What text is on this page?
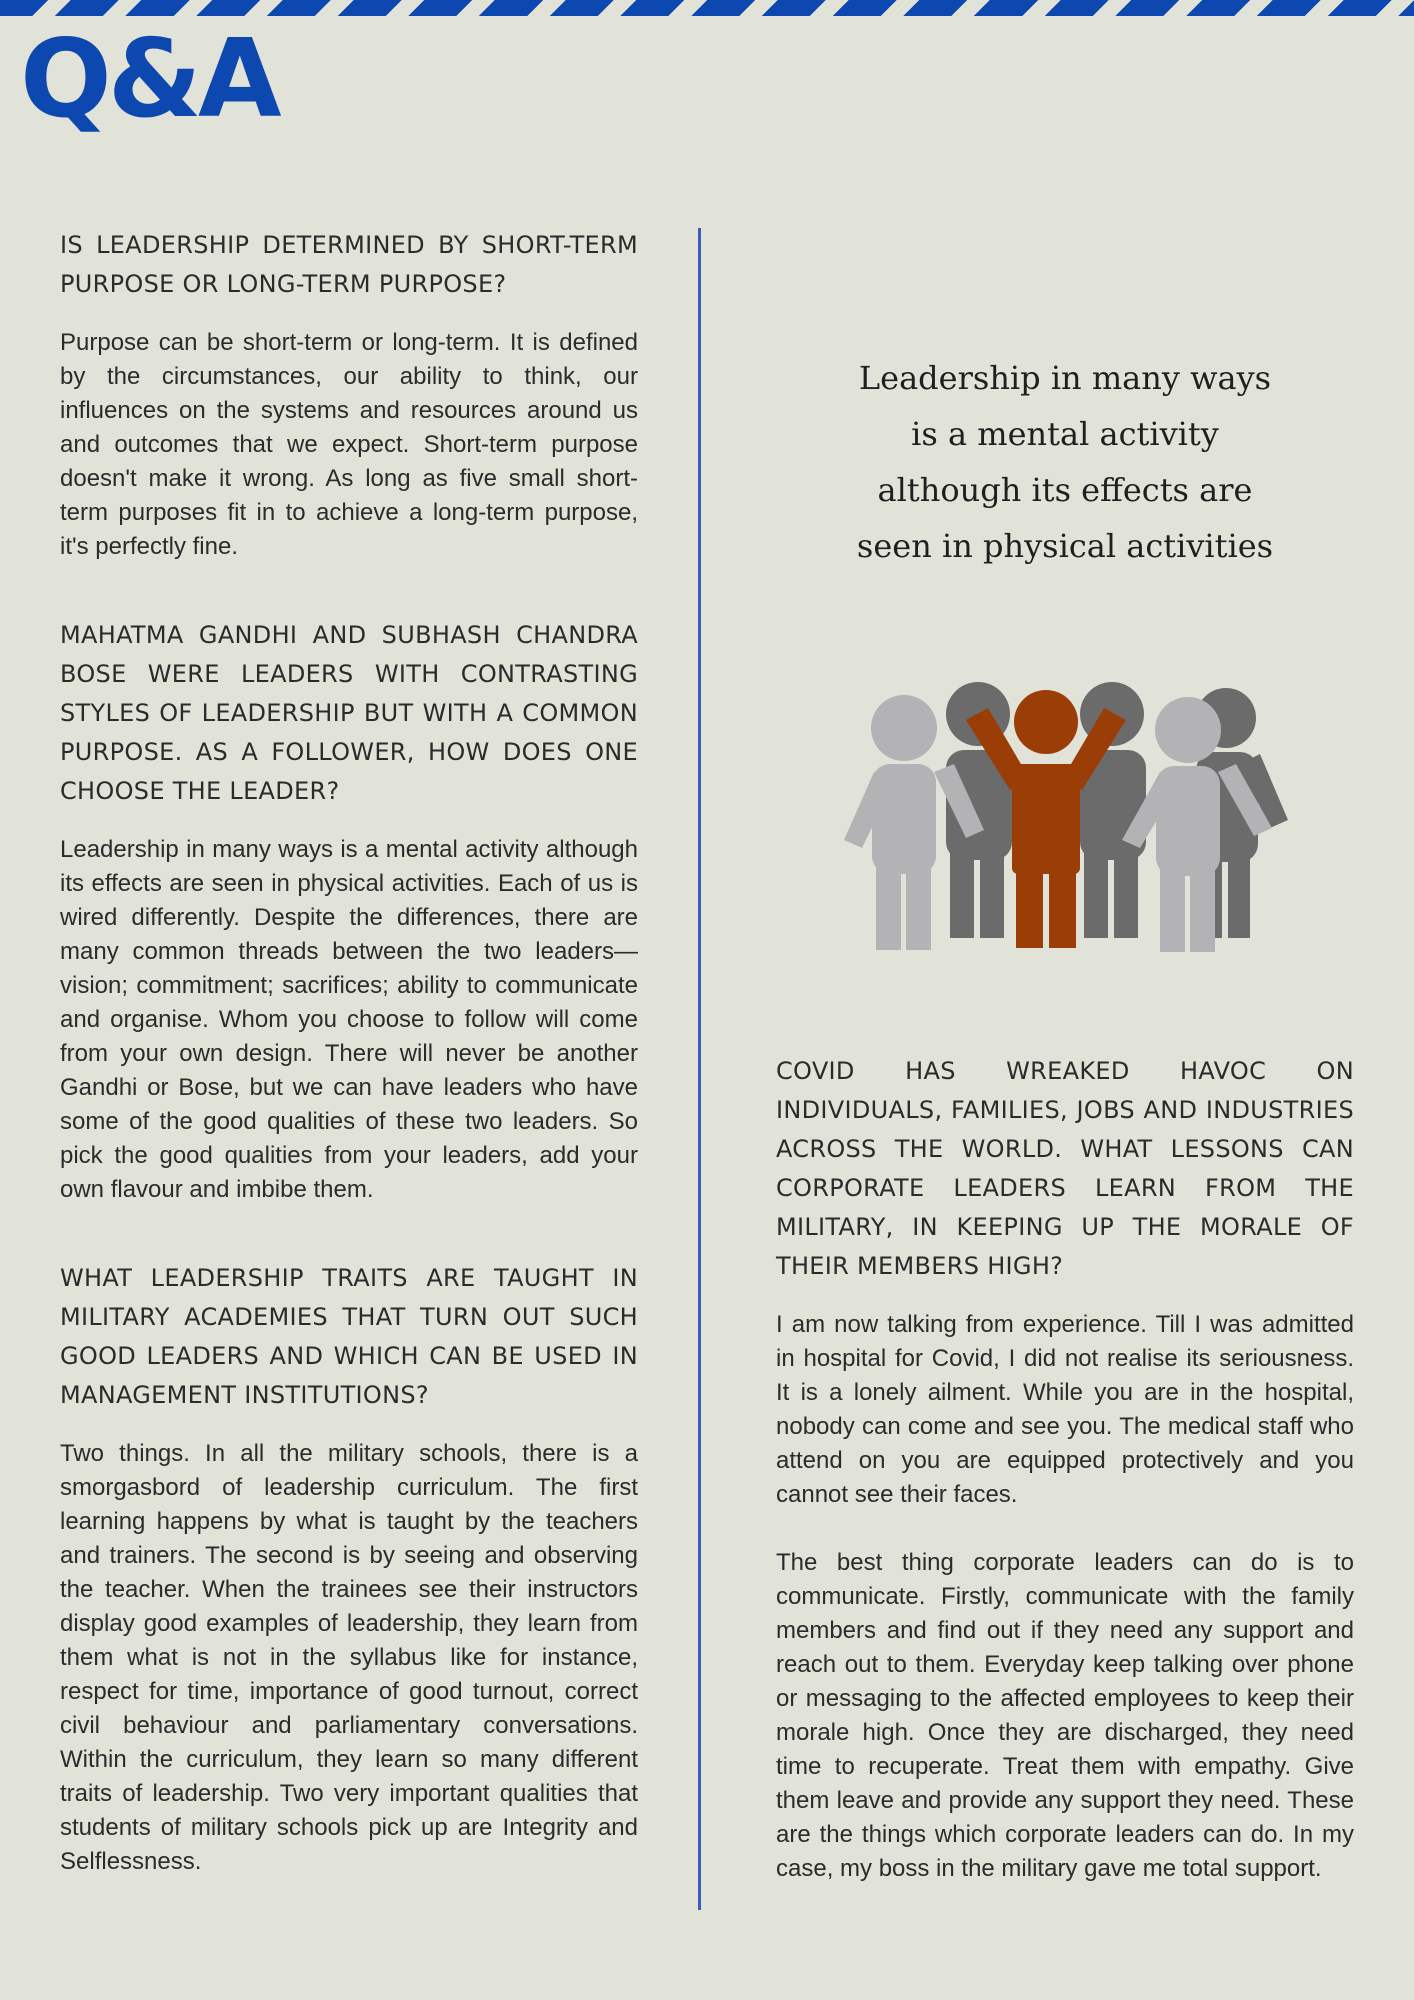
Q&A
IS LEADERSHIP DETERMINED BY SHORT-TERM PURPOSE OR LONG-TERM PURPOSE?

Purpose can be short-term or long-term. It is defined by the circumstances, our ability to think, our influences on the systems and resources around us and outcomes that we expect. Short-term purpose doesn't make it wrong. As long as five small short-term purposes fit in to achieve a long-term purpose, it's perfectly fine.

MAHATMA GANDHI AND SUBHASH CHANDRA BOSE WERE LEADERS WITH CONTRASTING STYLES OF LEADERSHIP BUT WITH A COMMON PURPOSE. AS A FOLLOWER, HOW DOES ONE CHOOSE THE LEADER?

Leadership in many ways is a mental activity although its effects are seen in physical activities. Each of us is wired differently. Despite the differences, there are many common threads between the two leaders—vision; commitment; sacrifices; ability to communicate and organise. Whom you choose to follow will come from your own design. There will never be another Gandhi or Bose, but we can have leaders who have some of the good qualities of these two leaders. So pick the good qualities from your leaders, add your own flavour and imbibe them.

WHAT LEADERSHIP TRAITS ARE TAUGHT IN MILITARY ACADEMIES THAT TURN OUT SUCH GOOD LEADERS AND WHICH CAN BE USED IN MANAGEMENT INSTITUTIONS?

Two things. In all the military schools, there is a smorgasbord of leadership curriculum. The first learning happens by what is taught by the teachers and trainers. The second is by seeing and observing the teacher. When the trainees see their instructors display good examples of leadership, they learn from them what is not in the syllabus like for instance, respect for time, importance of good turnout, correct civil behaviour and parliamentary conversations. Within the curriculum, they learn so many different traits of leadership. Two very important qualities that students of military schools pick up are Integrity and Selflessness.

Leadership in many ways
is a mental activity
although its effects are
seen in physical activities
COVID HAS WREAKED HAVOC ON INDIVIDUALS, FAMILIES, JOBS AND INDUSTRIES ACROSS THE WORLD. WHAT LESSONS CAN CORPORATE LEADERS LEARN FROM THE MILITARY, IN KEEPING UP THE MORALE OF THEIR MEMBERS HIGH?

I am now talking from experience. Till I was admitted in hospital for Covid, I did not realise its seriousness. It is a lonely ailment. While you are in the hospital, nobody can come and see you. The medical staff who attend on you are equipped protectively and you cannot see their faces.

The best thing corporate leaders can do is to communicate. Firstly, communicate with the family members and find out if they need any support and reach out to them. Everyday keep talking over phone or messaging to the affected employees to keep their morale high. Once they are discharged, they need time to recuperate. Treat them with empathy. Give them leave and provide any support they need. These are the things which corporate leaders can do. In my case, my boss in the military gave me total support.
